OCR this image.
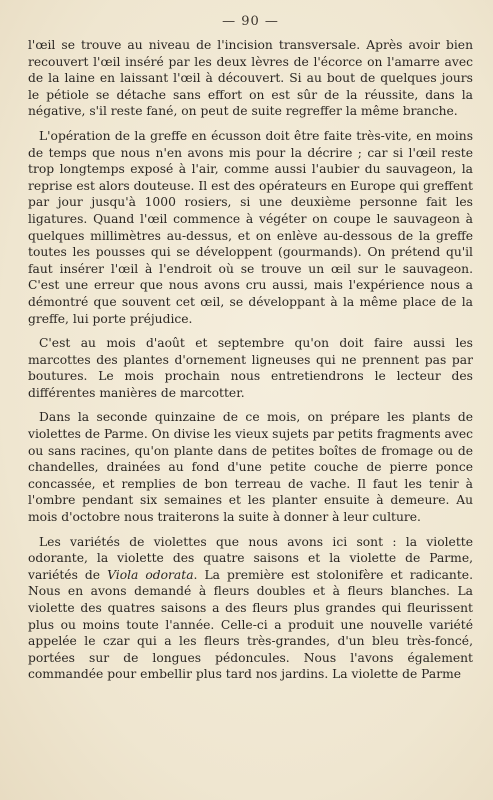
— 90 —

l'œil se trouve au niveau de l'incision transversale. Après avoir bien recouvert l'œil inséré par les deux lèvres de l'écorce on l'amarre avec de la laine en laissant l'œil à découvert. Si au bout de quelques jours le pétiole se détache sans effort on est sûr de la réussite, dans la négative, s'il reste fané, on peut de suite regreffer la même branche.

L'opération de la greffe en écusson doit être faite très-vite, en moins de temps que nous n'en avons mis pour la décrire ; car si l'œil reste trop longtemps exposé à l'air, comme aussi l'aubier du sauvageon, la reprise est alors douteuse. Il est des opérateurs en Europe qui greffent par jour jusqu'à 1000 rosiers, si une deuxième personne fait les ligatures. Quand l'œil commence à végéter on coupe le sauvageon à quelques millimètres au-dessus, et on enlève au-dessous de la greffe toutes les pousses qui se développent (gourmands). On prétend qu'il faut insérer l'œil à l'endroit où se trouve un œil sur le sauvageon. C'est une erreur que nous avons cru aussi, mais l'expérience nous a démontré que souvent cet œil, se développant à la même place de la greffe, lui porte préjudice.

C'est au mois d'août et septembre qu'on doit faire aussi les marcottes des plantes d'ornement ligneuses qui ne prennent pas par boutures. Le mois prochain nous entretiendrons le lecteur des différentes manières de marcotter.

Dans la seconde quinzaine de ce mois, on prépare les plants de violettes de Parme. On divise les vieux sujets par petits fragments avec ou sans racines, qu'on plante dans de petites boîtes de fromage ou de chandelles, drainées au fond d'une petite couche de pierre ponce concassée, et remplies de bon terreau de vache. Il faut les tenir à l'ombre pendant six semaines et les planter ensuite à demeure. Au mois d'octobre nous traiterons la suite à donner à leur culture.

Les variétés de violettes que nous avons ici sont : la violette odorante, la violette des quatre saisons et la violette de Parme, variétés de Viola odorata. La première est stolonifère et radicante. Nous en avons demandé à fleurs doubles et à fleurs blanches. La violette des quatres saisons a des fleurs plus grandes qui fleurissent plus ou moins toute l'année. Celle-ci a produit une nouvelle variété appelée le czar qui a les fleurs très-grandes, d'un bleu très-foncé, portées sur de longues pédoncules. Nous l'avons également commandée pour embellir plus tard nos jardins. La violette de Parme
